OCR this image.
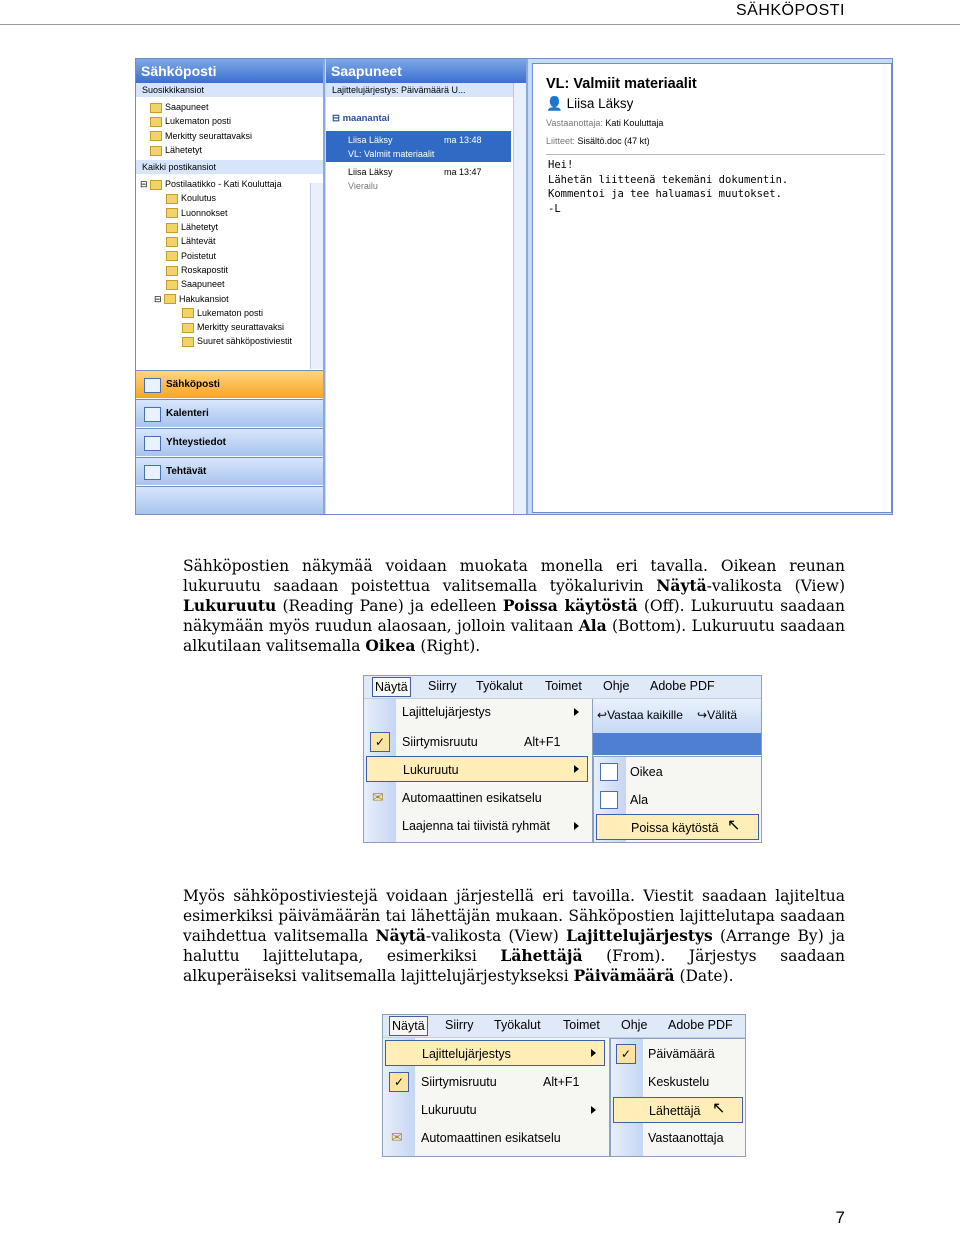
SÄHKÖPOSTI
Sähköposti
Suosikkikansiot
Saapuneet
Lukematon posti
Merkitty seurattavaksi
Lähetetyt
Kaikki postikansiot
⊟ Postilaatikko - Kati Kouluttaja
Koulutus
Luonnokset
Lähetetyt
Lähtevät
Poistetut
Roskapostit
Saapuneet
⊟ Hakukansiot
Lukematon posti
Merkitty seurattavaksi
Suuret sähköpostiviestit
Sähköposti
Kalenteri
Yhteystiedot
Tehtävät
Saapuneet
Lajittelujärjestys: Päivämäärä U...
⊟ maanantai
Liisa Läksy	ma 13:48
VL: Valmiit materiaalit
Liisa Läksy	ma 13:47
Vierailu
VL: Valmiit materiaalit
👤 Liisa Läksy
Vastaanottaja: Kati Kouluttaja
Liitteet: Sisältö.doc (47 kt)
Hei!
Lähetän liitteenä tekemäni dokumentin.
Kommentoi ja tee haluamasi muutokset.
-L
Sähköpostien näkymää voidaan muokata monella eri tavalla. Oikean reunan lukuruutu saadaan poistettua valitsemalla työkalurivin Näytä-valikosta (View) Lukuruutu (Reading Pane) ja edelleen Poissa käytöstä (Off). Lukuruutu saadaan näkymään myös ruudun alaosaan, jolloin valitaan Ala (Bottom). Lukuruutu saadaan alkutilaan valitsemalla Oikea (Right).
Näytä Siirry Työkalut Toimet Ohje Adobe PDF
Lajittelujärjestys
✓	Siirtymisruutu	Alt+F1
Lukuruutu
✉ Automaattinen esikatselu
Laajenna tai tiivistä ryhmät
↩Vastaa kaikille ↪Välitä
Oikea
Ala
Poissa käytöstä ↖
Myös sähköpostiviestejä voidaan järjestellä eri tavoilla. Viestit saadaan lajiteltua esimerkiksi päivämäärän tai lähettäjän mukaan. Sähköpostien lajittelutapa saadaan vaihdettua valitsemalla Näytä-valikosta (View) Lajittelujärjestys (Arrange By) ja haluttu lajittelutapa, esimerkiksi Lähettäjä (From). Järjestys saadaan alkuperäiseksi valitsemalla lajittelujärjestykseksi Päivämäärä (Date).
Näytä Siirry Työkalut Toimet Ohje Adobe PDF
Lajittelujärjestys
✓	Siirtymisruutu	Alt+F1
Lukuruutu
✉ Automaattinen esikatselu
✓	Päivämäärä
Keskustelu
Lähettäjä ↖
Vastaanottaja
7
